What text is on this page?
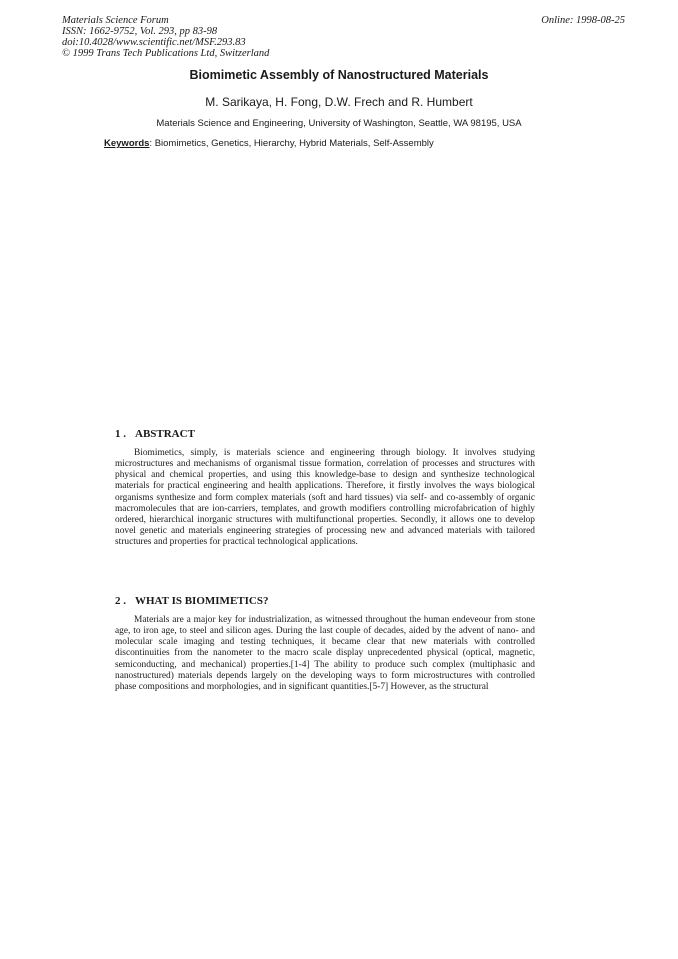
Materials Science Forum
ISSN: 1662-9752, Vol. 293, pp 83-98
doi:10.4028/www.scientific.net/MSF.293.83
© 1999 Trans Tech Publications Ltd, Switzerland
Online: 1998-08-25
Biomimetic Assembly of Nanostructured Materials
M. Sarikaya, H. Fong, D.W. Frech and R. Humbert
Materials Science and Engineering, University of Washington, Seattle, WA 98195, USA
Keywords: Biomimetics, Genetics, Hierarchy, Hybrid Materials, Self-Assembly
1 . ABSTRACT

Biomimetics, simply, is materials science and engineering through biology. It involves studying microstructures and mechanisms of organismal tissue formation, correlation of processes and structures with physical and chemical properties, and using this knowledge-base to design and synthesize technological materials for practical engineering and health applications. Therefore, it firstly involves the ways biological organisms synthesize and form complex materials (soft and hard tissues) via self- and co-assembly of organic macromolecules that are ion-carriers, templates, and growth modifiers controlling microfabrication of highly ordered, hierarchical inorganic structures with multifunctional properties. Secondly, it allows one to develop novel genetic and materials engineering strategies of processing new and advanced materials with tailored structures and properties for practical technological applications.

2 . WHAT IS BIOMIMETICS?

Materials are a major key for industrialization, as witnessed throughout the human endeveour from stone age, to iron age, to steel and silicon ages. During the last couple of decades, aided by the advent of nano- and molecular scale imaging and testing techniques, it became clear that new materials with controlled discontinuities from the nanometer to the macro scale display unprecedented physical (optical, magnetic, semiconducting, and mechanical) properties.[1-4] The ability to produce such complex (multiphasic and nanostructured) materials depends largely on the developing ways to form microstructures with controlled phase compositions and morphologies, and in significant quantities.[5-7] However, as the structural
